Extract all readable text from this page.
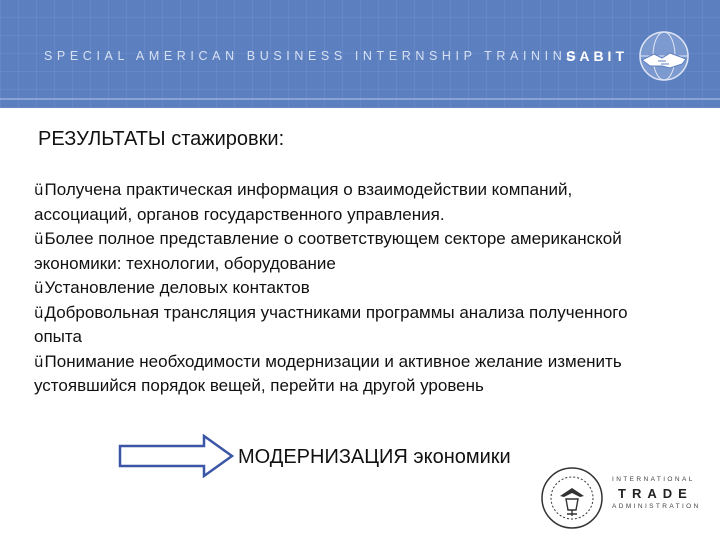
SPECIAL AMERICAN BUSINESS INTERNSHIP TRAINING
SABIT
РЕЗУЛЬТАТЫ стажировки:
üПолучена практическая информация о взаимодействии компаний, ассоциаций, органов государственного управления.
üБолее полное представление о соответствующем секторе американской экономики: технологии, оборудование
üУстановление деловых контактов
üДобровольная трансляция участниками программы анализа полученного опыта
üПонимание необходимости модернизации и активное желание изменить устоявшийся порядок вещей, перейти на другой уровень
МОДЕРНИЗАЦИЯ экономики
INTERNATIONAL
TRADE
ADMINISTRATION
